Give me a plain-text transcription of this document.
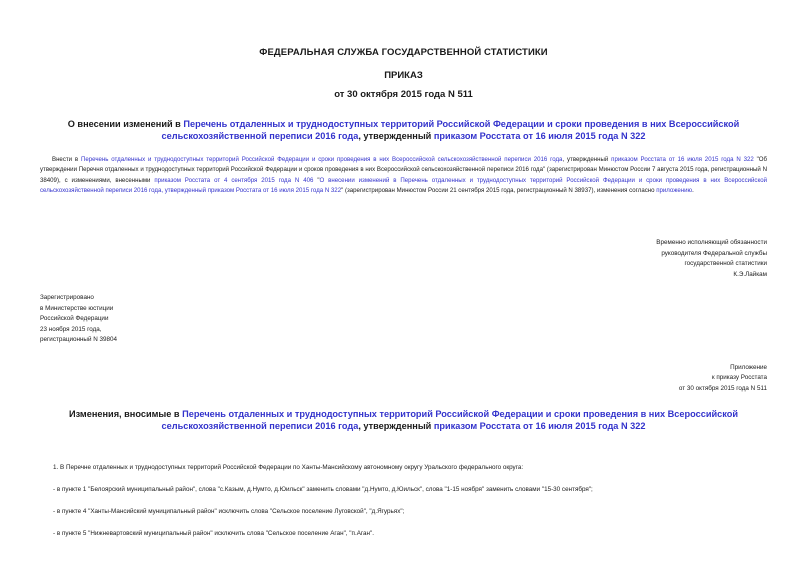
ФЕДЕРАЛЬНАЯ СЛУЖБА ГОСУДАРСТВЕННОЙ СТАТИСТИКИ
ПРИКАЗ
от 30 октября 2015 года N 511
О внесении изменений в Перечень отдаленных и труднодоступных территорий Российской Федерации и сроки проведения в них Всероссийской сельскохозяйственной переписи 2016 года, утвержденный приказом Росстата от 16 июля 2015 года N 322
Внести в Перечень отдаленных и труднодоступных территорий Российской Федерации и сроки проведения в них Всероссийской сельскохозяйственной переписи 2016 года, утвержденный приказом Росстата от 16 июля 2015 года N 322 "Об утверждении Перечня отдаленных и труднодоступных территорий Российской Федерации и сроков проведения в них Всероссийской сельскохозяйственной переписи 2016 года" (зарегистрирован Минюстом России 7 августа 2015 года, регистрационный N 38409), с изменениями, внесенными приказом Росстата от 4 сентября 2015 года N 406 "О внесении изменений в Перечень отдаленных и труднодоступных территорий Российской Федерации и сроки проведения в них Всероссийской сельскохозяйственной переписи 2016 года, утвержденный приказом Росстата от 16 июля 2015 года N 322" (зарегистрирован Минюстом России 21 сентября 2015 года, регистрационный N 38937), изменения согласно приложению.
Временно исполняющий обязанности
руководителя Федеральной службы
государственной статистики
К.Э.Лайкам
Зарегистрировано
в Министерстве юстиции
Российской Федерации
23 ноября 2015 года,
регистрационный N 39804
Приложение
к приказу Росстата
от 30 октября 2015 года N 511
Изменения, вносимые в Перечень отдаленных и труднодоступных территорий Российской Федерации и сроки проведения в них Всероссийской сельскохозяйственной переписи 2016 года, утвержденный приказом Росстата от 16 июля 2015 года N 322
1. В Перечне отдаленных и труднодоступных территорий Российской Федерации по Ханты-Мансийскому автономному округу Уральского федерального округа:
- в пункте 1 "Белоярский муниципальный район", слова "с.Казым, д.Нумто, д.Юильск" заменить словами "д.Нумто, д.Юильск", слова "1-15 ноября" заменить словами "15-30 сентября";
- в пункте 4 "Ханты-Мансийский муниципальный район" исключить слова "Сельское поселение Луговской", "д.Ягурьях";
- в пункте 5 "Нижневартовский муниципальный район" исключить слова "Сельское поселение Аган", "п.Аган".
